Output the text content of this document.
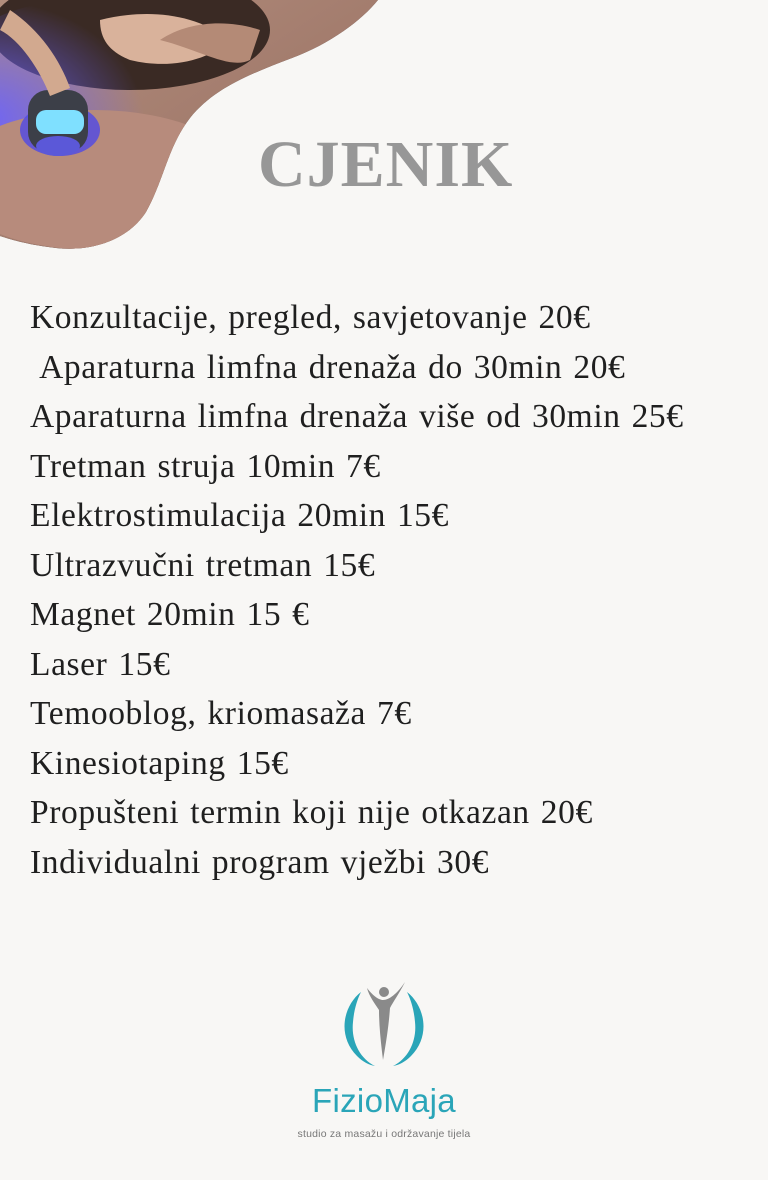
CJENIK
Konzultacije, pregled, savjetovanje 20€
Aparaturna limfna drenaža do 30min 20€
Aparaturna limfna drenaža više od 30min 25€
Tretman struja 10min 7€
Elektrostimulacija 20min 15€
Ultrazvučni tretman 15€
Magnet 20min 15 €
Laser 15€
Temooblog, kriomasaža 7€
Kinesiotaping 15€
Propušteni termin koji nije otkazan 20€
Individualni program vježbi 30€
FizioMaja
studio za masažu i održavanje tijela
